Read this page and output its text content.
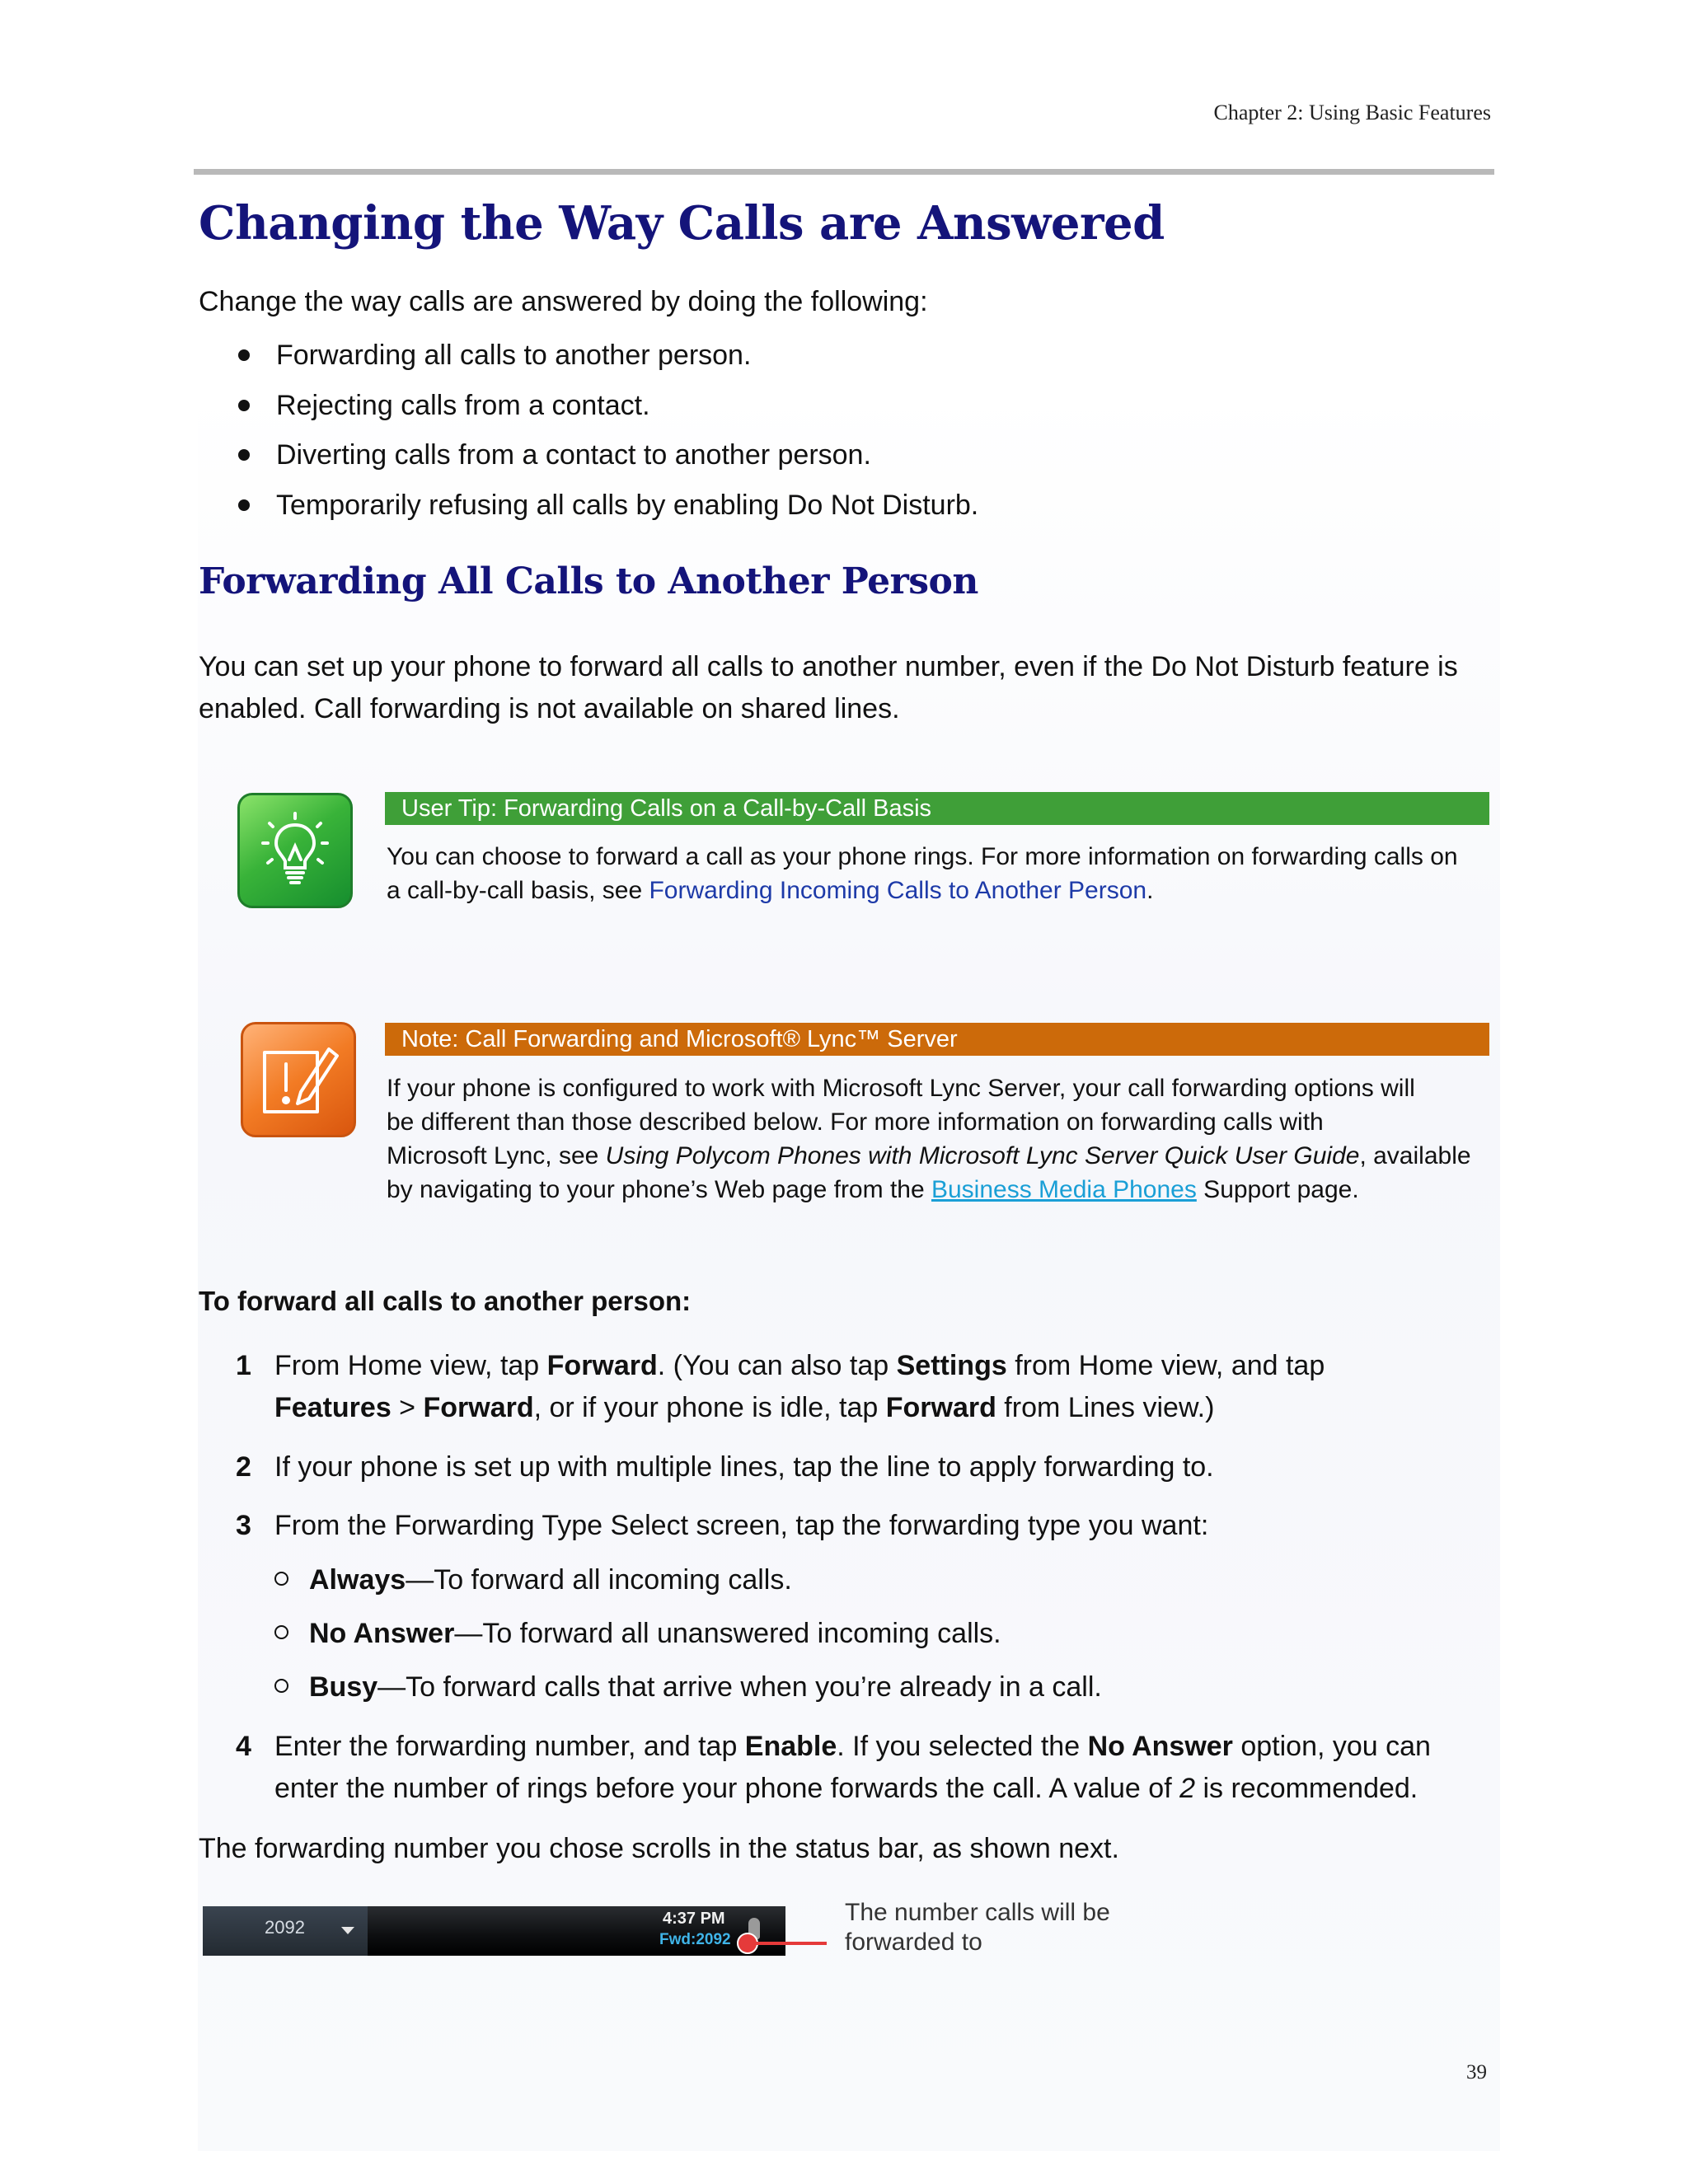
Chapter 2: Using Basic Features
Changing the Way Calls are Answered
Change the way calls are answered by doing the following:
Forwarding all calls to another person.
Rejecting calls from a contact.
Diverting calls from a contact to another person.
Temporarily refusing all calls by enabling Do Not Disturb.
Forwarding All Calls to Another Person
You can set up your phone to forward all calls to another number, even if the Do Not Disturb feature is
enabled. Call forwarding is not available on shared lines.
User Tip: Forwarding Calls on a Call-by-Call Basis
You can choose to forward a call as your phone rings. For more information on forwarding calls on
a call-by-call basis, see Forwarding Incoming Calls to Another Person.
Note: Call Forwarding and Microsoft® Lync™ Server
If your phone is configured to work with Microsoft Lync Server, your call forwarding options will
be different than those described below. For more information on forwarding calls with
Microsoft Lync, see Using Polycom Phones with Microsoft Lync Server Quick User Guide, available
by navigating to your phone’s Web page from the Business Media Phones Support page.
To forward all calls to another person:
1 From Home view, tap Forward. (You can also tap Settings from Home view, and tap
Features > Forward, or if your phone is idle, tap Forward from Lines view.)
2 If your phone is set up with multiple lines, tap the line to apply forwarding to.
3 From the Forwarding Type Select screen, tap the forwarding type you want:
Always—To forward all incoming calls.
No Answer—To forward all unanswered incoming calls.
Busy—To forward calls that arrive when you’re already in a call.
4 Enter the forwarding number, and tap Enable. If you selected the No Answer option, you can
enter the number of rings before your phone forwards the call. A value of 2 is recommended.
The forwarding number you chose scrolls in the status bar, as shown next.
2092	4:37 PM
Fwd:2092
The number calls will be
forwarded to
39
